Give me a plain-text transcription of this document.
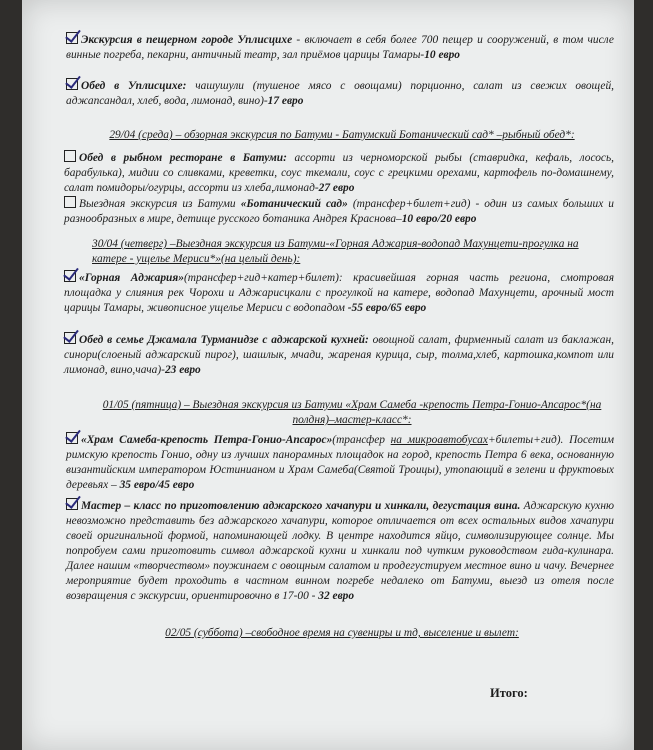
Экскурсия в пещерном городе Уплисцихе - включает в себя более 700 пещер и сооружений, в том числе винные погреба, пекарни, античный театр, зал приёмов царицы Тамары-10 евро
Обед в Уплисцихе: чашушули (тушеное мясо с овощами) порционно, салат из свежих овощей, аджапсандал, хлеб, вода, лимонад, вино)-17 евро
29/04 (среда) – обзорная экскурсия по Батуми - Батумский Ботанический сад* –рыбный обед*:
Обед в рыбном ресторане в Батуми: ассорти из черноморской рыбы (ставридка, кефаль, лосось, барабулька), мидии со сливками, креветки, соус ткемали, соус с грецкими орехами, картофель по-домашнему, салат помидоры/огурцы, ассорти из хлеба,лимонад-27 евро
Выездная экскурсия из Батуми «Ботанический сад» (трансфер+билет+гид) - один из самых больших и разнообразных в мире, детище русского ботаника Андрея Краснова–10 евро/20 евро
30/04 (четверг) –Выездная экскурсия из Батуми-«Горная Аджария-водопад Махунцети-прогулка на катере - ущелье Мериси*»(на целый день):
«Горная Аджария»(трансфер+гид+катер+билет): красивейшая горная часть региона, смотровая площадка у слияния рек Чорохи и Аджарисцкали с прогулкой на катере, водопад Махунцети, арочный мост царицы Тамары, живописное ущелье Мериси с водопадом -55 евро/65 евро
Обед в семье Джамала Турманидзе с аджарской кухней: овощной салат, фирменный салат из баклажан, синори(слоеный аджарский пирог), шашлык, мчади, жареная курица, сыр, толма,хлеб, картошка,компот или лимонад, вино,чача)-23 евро
01/05 (пятница) – Выездная экскурсия из Батуми «Храм Самеба -крепость Петра-Гонио-Апсарос*(на полдня)–мастер-класс*:
«Храм Самеба-крепость Петра-Гонио-Апсарос»(трансфер на микроавтобусах+билеты+гид). Посетим римскую крепость Гонио, одну из лучших панорамных площадок на город, крепость Петра 6 века, основанную византийским императором Юстинианом и Храм Самеба(Святой Троицы), утопающий в зелени и фруктовых деревьях – 35 евро/45 евро
Мастер – класс по приготовлению аджарского хачапури и хинкали, дегустация вина. Аджарскую кухню невозможно представить без аджарского хачапури, которое отличается от всех остальных видов хачапури своей оригинальной формой, напоминающей лодку. В центре находится яйцо, символизирующее солнце. Мы попробуем сами приготовить символ аджарской кухни и хинкали под чутким руководством гида-кулинара. Далее нашим «творчеством» поужинаем с овощным салатом и продегустируем местное вино и чачу. Вечернее мероприятие будет проходить в частном винном погребе недалеко от Батуми, выезд из отеля после возвращения с экскурсии, ориентировочно в 17-00 - 32 евро
02/05 (суббота) –свободное время на сувениры и тд, выселение и вылет:
Итого:
